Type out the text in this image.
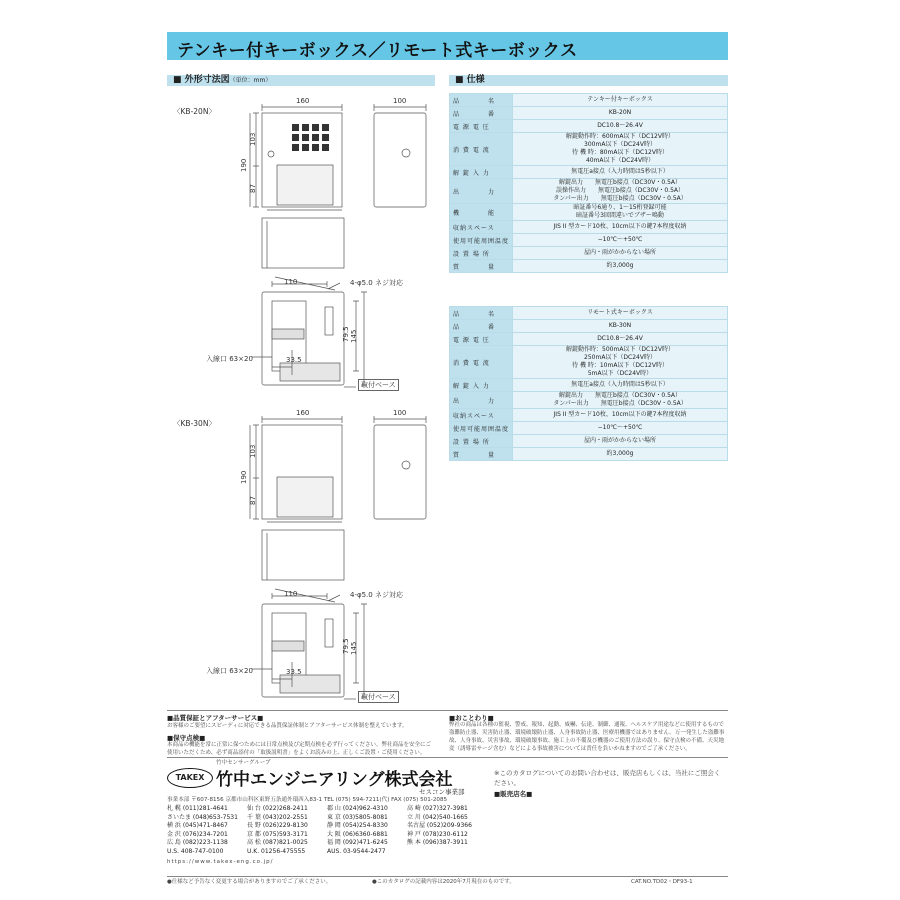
テンキー付キーボックス／リモート式キーボックス
■ 外形寸法図（単位：mm）	■ 仕様
〈KB-20N〉
160	100
190
103
87
110	4-φ5.0 ネジ対応
79.5 145
入線口 63×20	33.5
取付ベース
〈KB-30N〉
160	100
190
103
87
110	4-φ5.0 ネジ対応
79.5 145
入線口 63×20	33.5
取付ベース
品　　　　名	テンキー付キーボックス

品　　　　番	KB-20N

電 源 電 圧	DC10.8〜26.4V

消 費 電 流	解錠動作時：600mA以下（DC12V時）
300mA以下（DC24V時）
待 機 時：80mA以下（DC12V時）
40mA以下（DC24V時）

解 錠 入 力	無電圧a接点（入力時間は5秒以下）

出　　　　力	解錠出力　　無電圧b接点（DC30V・0.5A）
誤操作出力　　無電圧b接点（DC30V・0.5A）
タンパー出力　　無電圧b接点（DC30V・0.5A）

機　　　　能	暗証番号6通り、1〜15桁登録可能
暗証番号3回間違いでブザー鳴動

収納スペース	JIS II 型カード10枚、10cm以下の鍵7本程度収納

使用可能周囲温度	−10℃〜+50℃

設 置 場 所	屋内・雨がかからない場所

質　　　　量	約3,000g
品　　　　名	リモート式キーボックス

品　　　　番	KB-30N

電 源 電 圧	DC10.8〜26.4V

消 費 電 流	解錠動作時：500mA以下（DC12V時）
250mA以下（DC24V時）
待 機 時：10mA以下（DC12V時）
5mA以下（DC24V時）

解 錠 入 力	無電圧a接点（入力時間は5秒以下）

出　　　　力	解錠出力　　無電圧b接点（DC30V・0.5A）
タンパー出力　　無電圧b接点（DC30V・0.5A）

収納スペース	JIS II 型カード10枚、10cm以下の鍵7本程度収納

使用可能周囲温度	−10℃〜+50℃

設 置 場 所	屋内・雨がかからない場所

質　　　　量	約3,000g
■品質保証とアフターサービス■
お客様のご要望にスピーディに対応できる品質保証体制とアフターサービス体制を整えています。
■保守点検■
本商品の機能を常に正常に保つためには日常点検及び定期点検を必ず行ってください。弊社商品を安全にご使用いただくため、必ず商品添付の「取扱説明書」をよくお読みの上、正しくご設置・ご使用ください。
■おことわり■
弊社の商品は各種の監視、警戒、報知、起動、威嚇、伝達、制御、通報、ヘルスケア用途などに使用するもので盗難防止器、災害防止器、環境破壊防止器、人身事故防止器、医療用機器ではありません。万一発生した盗難事故、人身事故、災害事故、環境破壊事故、施工上の不備及び機器のご使用方法の誤り、保守点検の不備、天災地変（誘導雷サージ含む）などによる事故被害については責任を負いかねますのでご了承ください。
竹中センサーグループ
TAKEX 竹中エンジニアリング株式会社
セスコン事業部
事業本部 〒607-8156 京都市山科区東野五条通外環西入83-1 TEL (075) 594-7211(代) FAX (075) 501-2085
札 幌 (011)281-4641	仙 台 (022)268-2411	郡 山 (024)962-4310	高 崎 (027)327-3981
さいたま (048)653-7531	千 葉 (043)202-2551	東 京 (03)5805-8081	立 川 (042)540-1665
横 浜 (045)471-8467	長 野 (026)229-8130	静 岡 (054)254-8330	名古屋 (052)209-9366
金 沢 (076)234-7201	京 都 (075)593-3171	大 阪 (06)6360-6881	神 戸 (078)230-6112
広 島 (082)223-1138	高 松 (087)821-0025	福 岡 (092)471-6245	熊 本 (096)387-3911
U.S. 408-747-0100	U.K. 01256-475555	AUS. 03-9544-2477
https://www.takex-eng.co.jp/
※このカタログについてのお問い合わせは、販売店もしくは、当社にご照会ください。
■販売店名■
●仕様など予告なく変更する場合がありますのでご了承ください。	●このカタログの記載内容は2020年7月現在のものです。	CAT.NO.TD02・DF93-1
